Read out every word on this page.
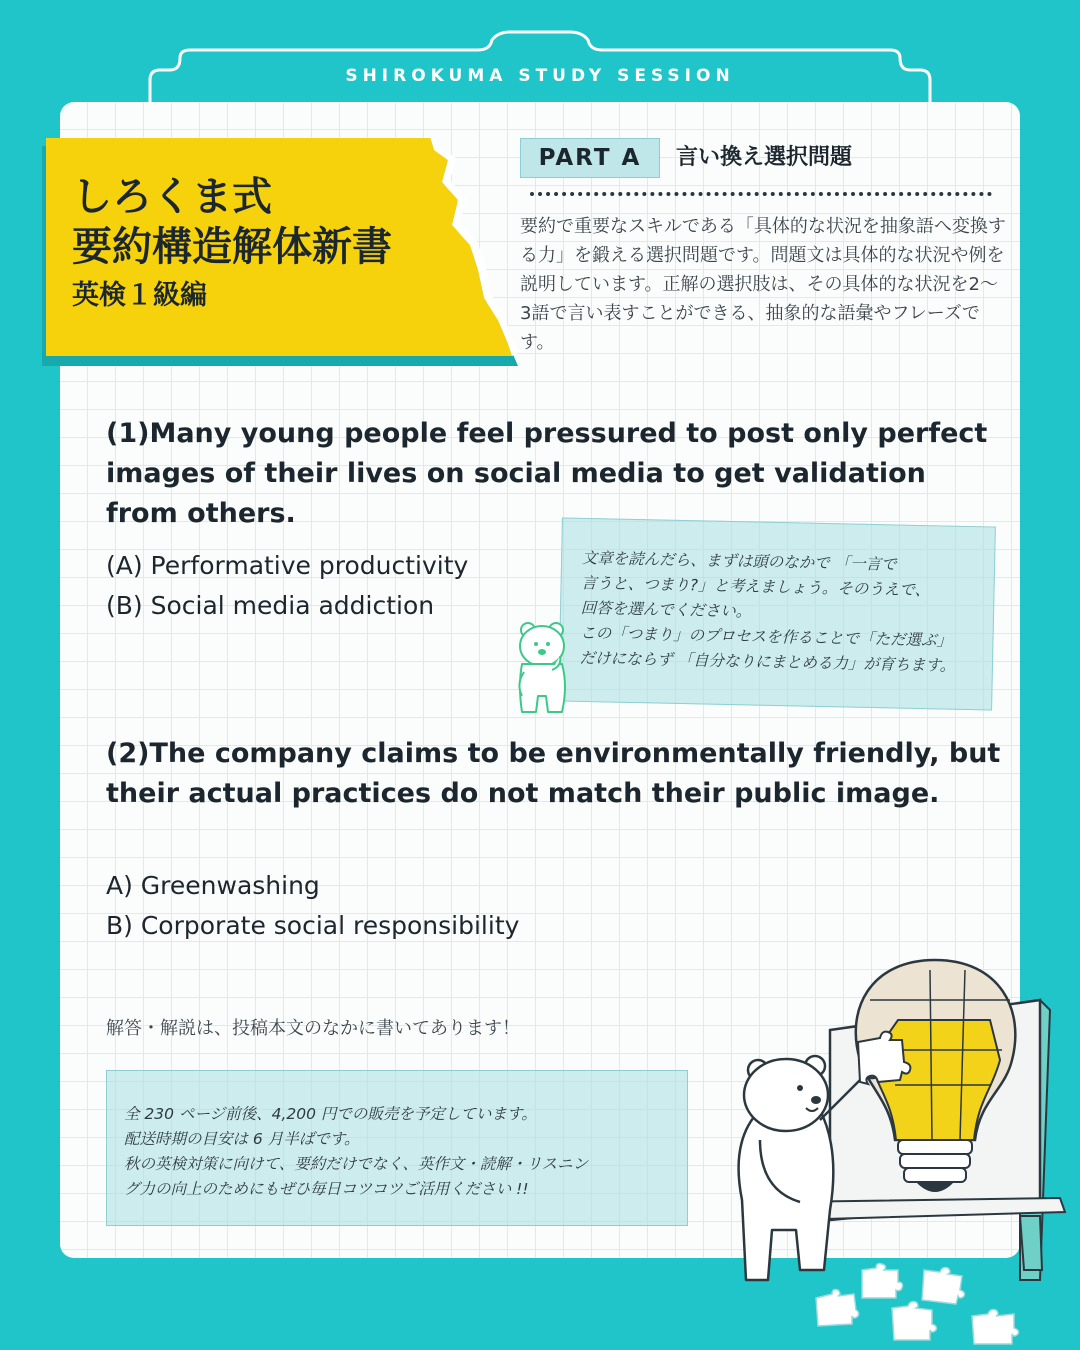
SHIROKUMA STUDY SESSION
しろくま式
要約構造解体新書
英検１級編
PART A	言い換え選択問題
要約で重要なスキルである「具体的な状況を抽象語へ変換する力」を鍛える選択問題です。問題文は具体的な状況や例を説明しています。正解の選択肢は、その具体的な状況を2〜3語で言い表すことができる、抽象的な語彙やフレーズです。
(1)Many young people feel pressured to post only perfect images of their lives on social media to get validation from others.
(A) Performative productivity
(B) Social media addiction
文章を読んだら、まずは頭のなかで 「一言で
言うと、つまり?」と考えましょう。そのうえで、
回答を選んでください。
この「つまり」のプロセスを作ることで「ただ選ぶ」
だけにならず 「自分なりにまとめる力」が育ちます。
(2)The company claims to be environmentally friendly, but their actual practices do not match their public image.
A) Greenwashing
B) Corporate social responsibility
解答・解説は、投稿本文のなかに書いてあります！
全 230 ページ前後、4,200 円での販売を予定しています。
配送時期の目安は 6 月半ばです。
秋の英検対策に向けて、要約だけでなく、英作文・読解・リスニン
グ力の向上のためにもぜひ毎日コツコツご活用ください !!
